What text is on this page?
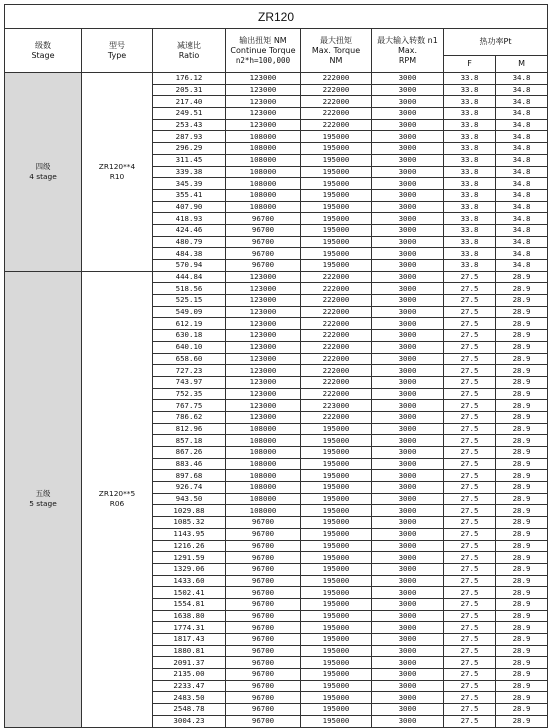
ZR120							

级数
Stage	型号
Type	减速比
Ratio	输出扭矩 NM
Continue Torque
n2*h=100,000	最大扭矩
Max. Torque
NM	最大输入转数 n1
Max.
RPM	热功率Pt	
						F	M

四级
4 stage	ZR120**4
R10	176.12	123000	222000	3000	33.8	34.8
		205.31	123000	222000	3000	33.8	34.8
		217.40	123000	222000	3000	33.8	34.8
		249.51	123000	222000	3000	33.8	34.8
		253.43	123000	222000	3000	33.8	34.8
		287.93	108000	195000	3000	33.8	34.8
		296.29	108000	195000	3000	33.8	34.8
		311.45	108000	195000	3000	33.8	34.8
		339.38	108000	195000	3000	33.8	34.8
		345.39	108000	195000	3000	33.8	34.8
		355.41	108000	195000	3000	33.8	34.8
		407.90	108000	195000	3000	33.8	34.8
		418.93	96700	195000	3000	33.8	34.8
		424.46	96700	195000	3000	33.8	34.8
		480.79	96700	195000	3000	33.8	34.8
		484.38	96700	195000	3000	33.8	34.8
		570.94	96700	195000	3000	33.8	34.8

五级
5 stage	ZR120**5
R06	444.84	123000	222000	3000	27.5	28.9
		518.56	123000	222000	3000	27.5	28.9
		525.15	123000	222000	3000	27.5	28.9
		549.09	123000	222000	3000	27.5	28.9
		612.19	123000	222000	3000	27.5	28.9
		630.18	123000	222000	3000	27.5	28.9
		640.10	123000	222000	3000	27.5	28.9
		658.60	123000	222000	3000	27.5	28.9
		727.23	123000	222000	3000	27.5	28.9
		743.97	123000	222000	3000	27.5	28.9
		752.35	123000	222000	3000	27.5	28.9
		767.75	123000	223000	3000	27.5	28.9
		786.62	123000	222000	3000	27.5	28.9
		812.96	108000	195000	3000	27.5	28.9
		857.18	108000	195000	3000	27.5	28.9
		867.26	108000	195000	3000	27.5	28.9
		883.46	108000	195000	3000	27.5	28.9
		897.68	108000	195000	3000	27.5	28.9
		926.74	108000	195000	3000	27.5	28.9
		943.50	108000	195000	3000	27.5	28.9
		1029.88	108000	195000	3000	27.5	28.9
		1085.32	96700	195000	3000	27.5	28.9
		1143.95	96700	195000	3000	27.5	28.9
		1216.26	96700	195000	3000	27.5	28.9
		1291.59	96700	195000	3000	27.5	28.9
		1329.06	96700	195000	3000	27.5	28.9
		1433.60	96700	195000	3000	27.5	28.9
		1502.41	96700	195000	3000	27.5	28.9
		1554.81	96700	195000	3000	27.5	28.9
		1638.80	96700	195000	3000	27.5	28.9
		1774.31	96700	195000	3000	27.5	28.9
		1817.43	96700	195000	3000	27.5	28.9
		1880.81	96700	195000	3000	27.5	28.9
		2091.37	96700	195000	3000	27.5	28.9
		2135.00	96700	195000	3000	27.5	28.9
		2233.47	96700	195000	3000	27.5	28.9
		2483.50	96700	195000	3000	27.5	28.9
		2548.78	96700	195000	3000	27.5	28.9
		3004.23	96700	195000	3000	27.5	28.9
